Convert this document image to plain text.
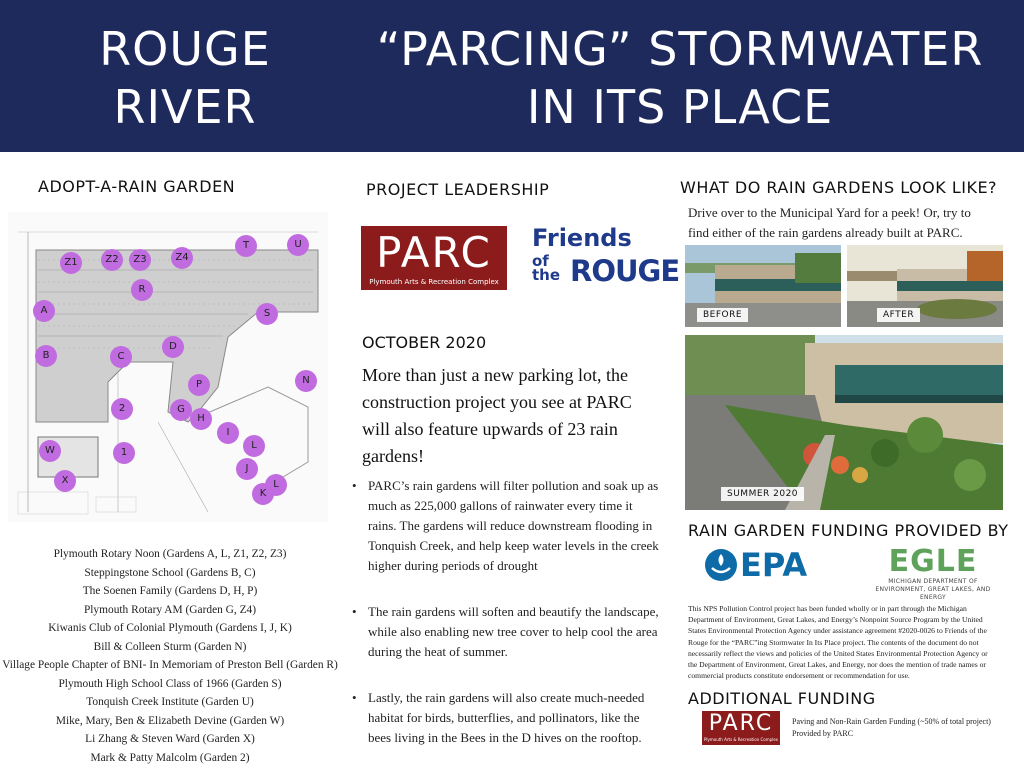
ROUGE
RIVER
“PARCING” STORMWATER
IN ITS PLACE
ADOPT-A-RAIN GARDEN
Z1	Z2	Z3	Z4
T	U
R
A	S
B	C
D
N
P
2	G
H
I
L
W	1
J
X
K
L
Plymouth Rotary Noon (Gardens A, L, Z1, Z2, Z3)
Steppingstone School (Gardens B, C)
The Soenen Family (Gardens D, H, P)
Plymouth Rotary AM (Garden G, Z4)
Kiwanis Club of Colonial Plymouth (Gardens I, J, K)
Bill & Colleen Sturm (Garden N)
Village People Chapter of BNI- In Memoriam of Preston Bell (Garden R)
Plymouth High School Class of 1966 (Garden S)
Tonquish Creek Institute (Garden U)
Mike, Mary, Ben & Elizabeth Devine (Garden W)
Li Zhang & Steven Ward (Garden X)
Mark & Patty Malcolm (Garden 2)
PROJECT LEADERSHIP
PARC
Plymouth Arts & Recreation Complex
Friends
of
the ROUGE
OCTOBER 2020
More than just a new parking lot, the construction project you see at PARC will also feature upwards of 23 rain gardens!
• PARC’s rain gardens will filter pollution and soak up as much as 225,000 gallons of rainwater every time it rains. The gardens will reduce downstream flooding in Tonquish Creek, and help keep water levels in the creek higher during periods of drought
• The rain gardens will soften and beautify the landscape, while also enabling new tree cover to help cool the area during the heat of summer.
• Lastly, the rain gardens will also create much-needed habitat for birds, butterflies, and pollinators, like the bees living in the Bees in the D hives on the rooftop.
WHAT DO RAIN GARDENS LOOK LIKE?
Drive over to the Municipal Yard for a peek! Or, try to find either of the rain gardens already built at PARC.
BEFORE	AFTER
SUMMER 2020
RAIN GARDEN FUNDING PROVIDED BY
EPA	EGLE
MICHIGAN DEPARTMENT OF
ENVIRONMENT, GREAT LAKES, AND ENERGY
This NPS Pollution Control project has been funded wholly or in part through the Michigan Department of Environment, Great Lakes, and Energy’s Nonpoint Source Program by the United States Environmental Protection Agency under assistance agreement #2020-0026 to Friends of the Rouge for the “PARC”ing Stormwater In Its Place project. The contents of the document do not necessarily reflect the views and policies of the United States Environmental Protection Agency or the Department of Environment, Great Lakes, and Energy, nor does the mention of trade names or commercial products constitute endorsement or recommendation for use.
ADDITIONAL FUNDING
PARC
Plymouth Arts & Recreation Complex
Paving and Non-Rain Garden Funding (~50% of total project)
Provided by PARC
